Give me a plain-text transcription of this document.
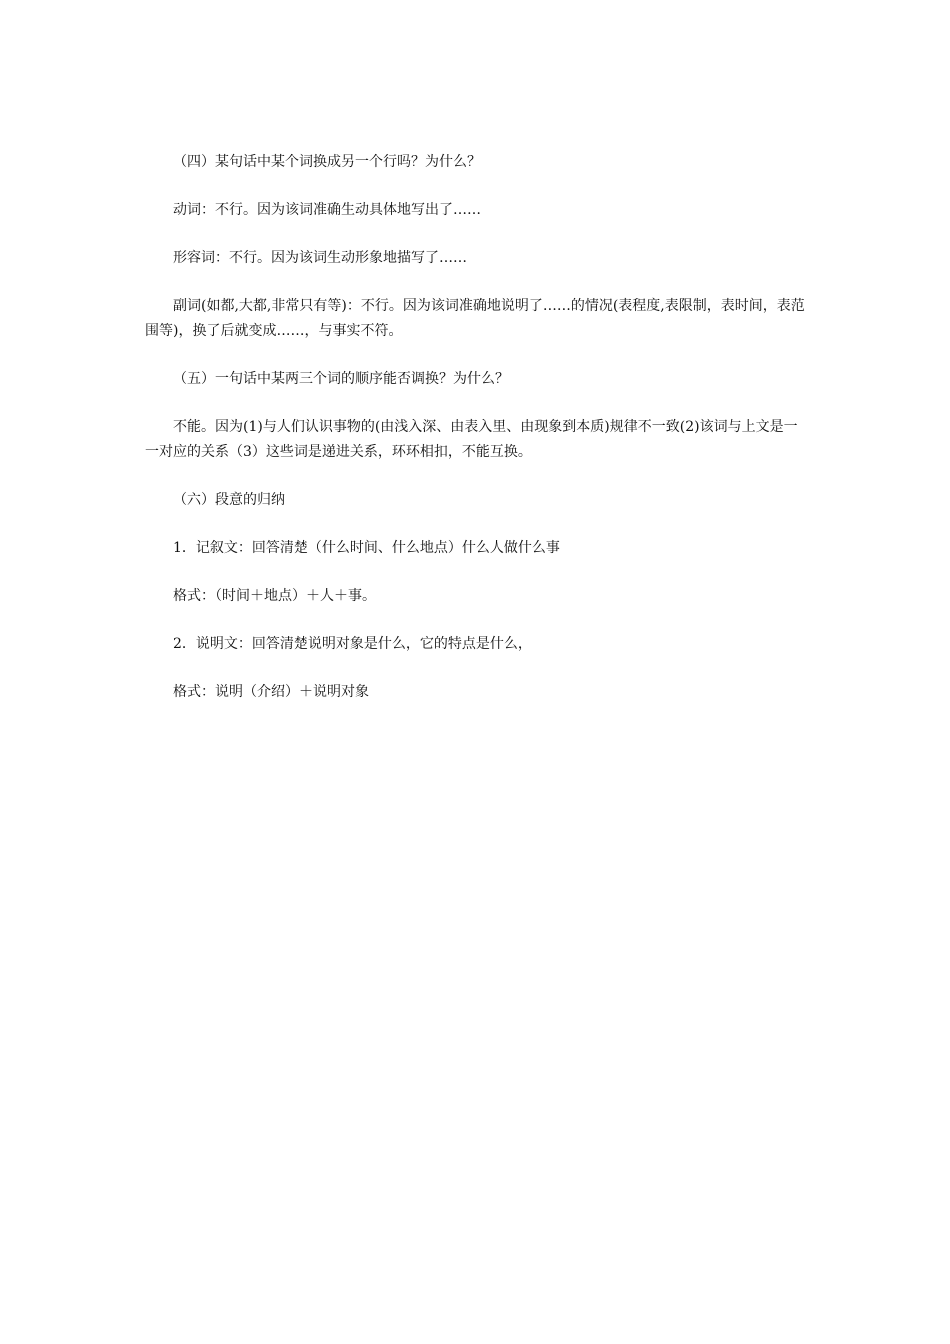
（四）某句话中某个词换成另一个行吗？为什么？

动词：不行。因为该词准确生动具体地写出了……

形容词：不行。因为该词生动形象地描写了……

副词(如都,大都,非常只有等)：不行。因为该词准确地说明了……的情况(表程度,表限制，表时间，表范围等)，换了后就变成……，与事实不符。

（五）一句话中某两三个词的顺序能否调换？为什么？

不能。因为(1)与人们认识事物的(由浅入深、由表入里、由现象到本质)规律不一致(2)该词与上文是一一对应的关系（3）这些词是递进关系，环环相扣，不能互换。

（六）段意的归纳

1．记叙文：回答清楚（什么时间、什么地点）什么人做什么事

格式：（时间＋地点）＋人＋事。

2．说明文：回答清楚说明对象是什么，它的特点是什么，

格式：说明（介绍）＋说明对象
